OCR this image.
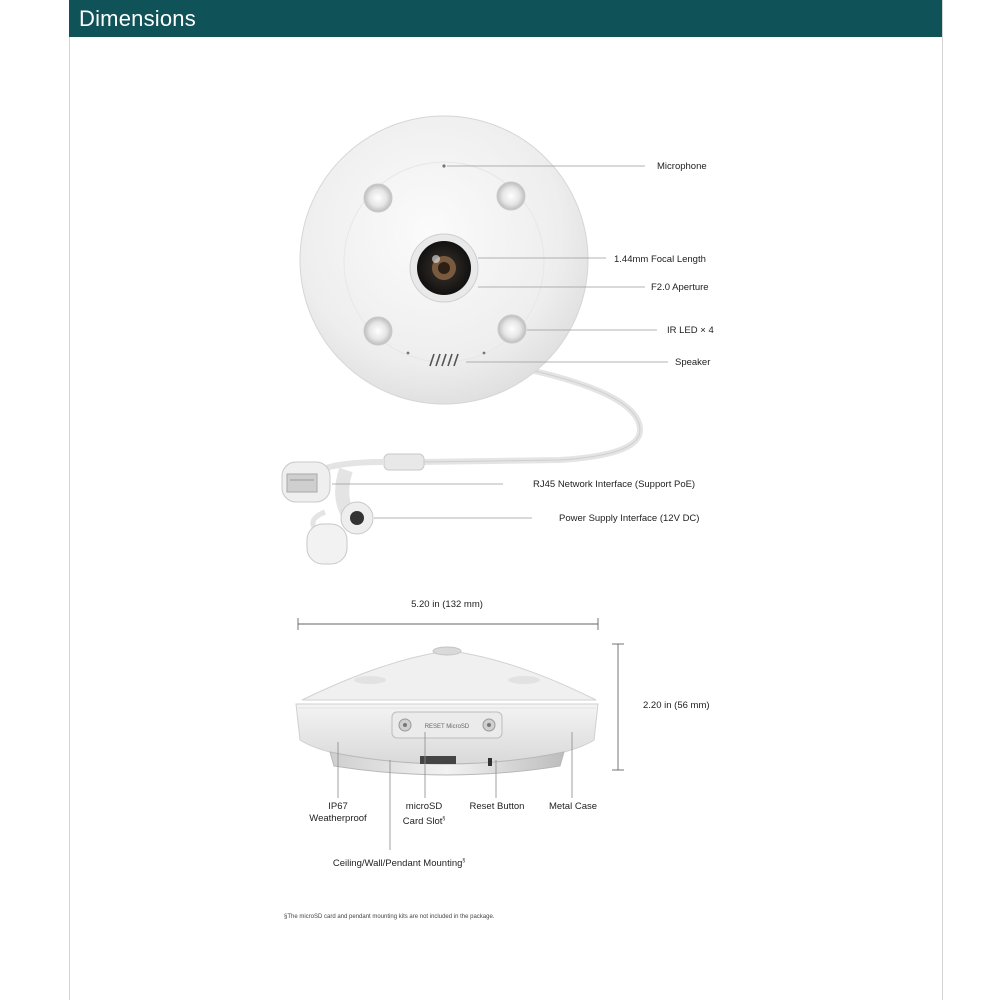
Dimensions
RESET MicroSD
Microphone
1.44mm Focal Length
F2.0 Aperture
IR LED × 4
Speaker
RJ45 Network Interface (Support PoE)
Power Supply Interface (12V DC)
5.20 in (132 mm)
2.20 in (56 mm)
IP67
Weatherproof
microSD
Card Slot§
Reset Button	Metal Case
Ceiling/Wall/Pendant Mounting§
§The microSD card and pendant mounting kits are not included in the package.
